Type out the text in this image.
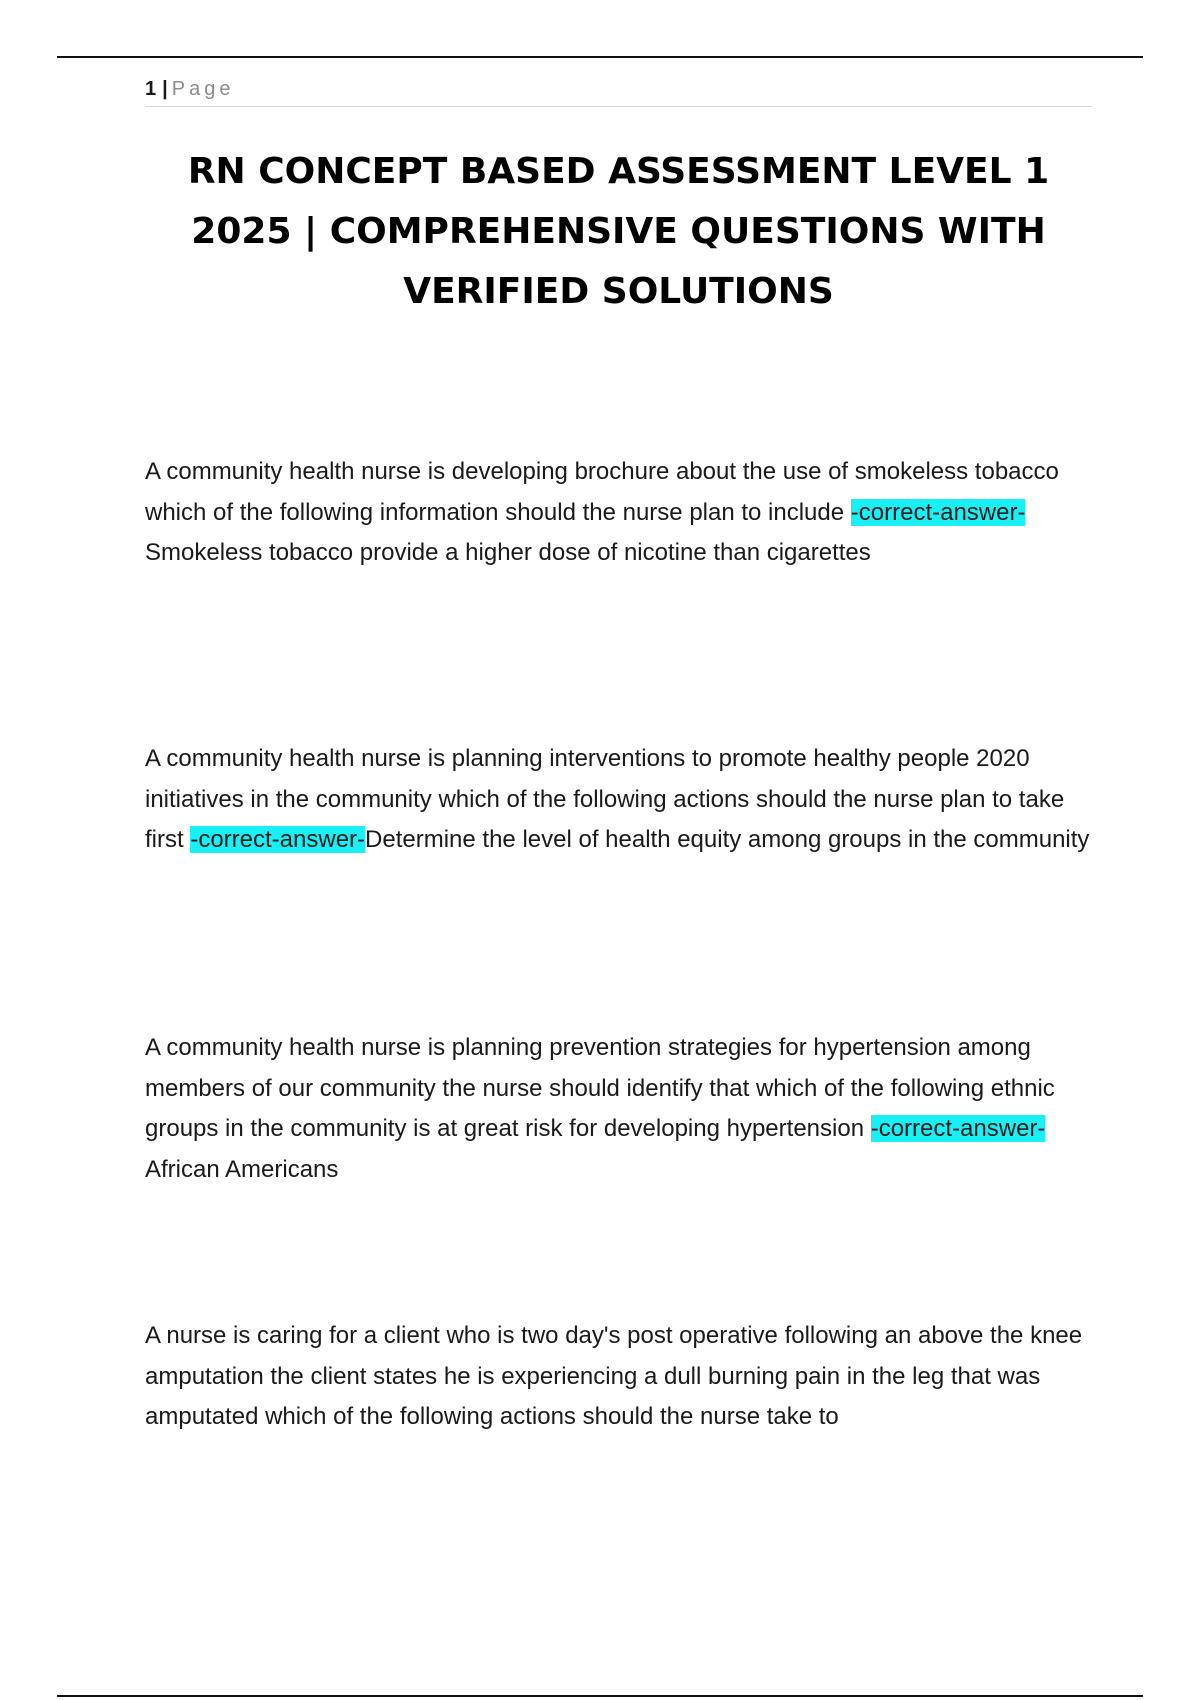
1 | Page
RN CONCEPT BASED ASSESSMENT LEVEL 1 2025 | COMPREHENSIVE QUESTIONS WITH VERIFIED SOLUTIONS

A community health nurse is developing brochure about the use of smokeless tobacco which of the following information should the nurse plan to include -correct-answer-Smokeless tobacco provide a higher dose of nicotine than cigarettes

A community health nurse is planning interventions to promote healthy people 2020 initiatives in the community which of the following actions should the nurse plan to take first -correct-answer-Determine the level of health equity among groups in the community

A community health nurse is planning prevention strategies for hypertension among members of our community the nurse should identify that which of the following ethnic groups in the community is at great risk for developing hypertension -correct-answer-African Americans

A nurse is caring for a client who is two day's post operative following an above the knee amputation the client states he is experiencing a dull burning pain in the leg that was amputated which of the following actions should the nurse take to
